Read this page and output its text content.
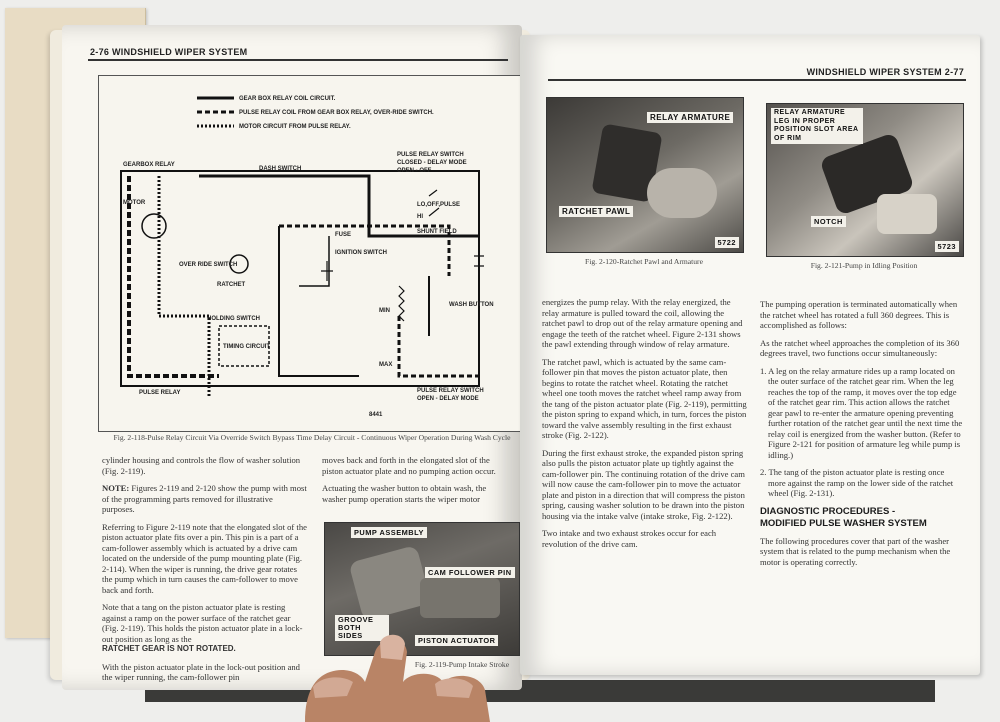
2-76 WINDSHIELD WIPER SYSTEM
GEAR BOX RELAY COIL CIRCUIT.
PULSE RELAY COIL FROM GEAR BOX RELAY, OVER-RIDE SWITCH.
MOTOR CIRCUIT FROM PULSE RELAY.
DASH SWITCH
PULSE RELAY SWITCH
CLOSED - DELAY MODE
OPEN - OFF
LO,OFF,PULSE
HI
SHUNT FIELD
FUSE
IGNITION SWITCH
WASH BUTTON
GEARBOX RELAY
MOTOR
OVER RIDE SWITCH
RATCHET
HOLDING SWITCH
TIMING CIRCUIT
PULSE RELAY
MIN
MAX
PULSE RELAY SWITCH
OPEN - DELAY MODE
8441
Fig. 2-118-Pulse Relay Circuit Via Override Switch Bypass Time Delay Circuit - Continuous Wiper Operation During Wash Cycle

cylinder housing and controls the flow of washer solution (Fig. 2-119).

NOTE: Figures 2-119 and 2-120 show the pump with most of the programming parts removed for illustrative purposes.

Referring to Figure 2-119 note that the elongated slot of the piston actuator plate fits over a pin. This pin is a part of a cam-follower assembly which is actuated by a drive cam located on the underside of the pump mounting plate (Fig. 2-114). When the wiper is running, the drive gear rotates the pump which in turn causes the cam-follower to move back and forth.

Note that a tang on the piston actuator plate is resting against a ramp on the power surface of the ratchet gear (Fig. 2-119). This holds the piston actuator plate in a lock-out position as long as the

RATCHET GEAR IS NOT ROTATED.

With the piston actuator plate in the lock-out position and the wiper running, the cam-follower pin

moves back and forth in the elongated slot of the piston actuator plate and no pumping action occur.

Actuating the washer button to obtain wash, the washer pump operation starts the wiper motor

PUMP ASSEMBLY
CAM FOLLOWER PIN
GROOVE BOTH SIDES
PISTON ACTUATOR
Fig. 2-119-Pump Intake Stroke
WINDSHIELD WIPER SYSTEM 2-77
RELAY ARMATURE
RATCHET PAWL
5722
Fig. 2-120-Ratchet Pawl and Armature
RELAY ARMATURE LEG IN PROPER POSITION SLOT AREA OF RIM
NOTCH
5723
Fig. 2-121-Pump in Idling Position

energizes the pump relay. With the relay energized, the relay armature is pulled toward the coil, allowing the ratchet pawl to drop out of the relay armature opening and engage the teeth of the ratchet wheel. Figure 2-131 shows the pawl extending through window of relay armature.

The ratchet pawl, which is actuated by the same cam-follower pin that moves the piston actuator plate, then begins to rotate the ratchet wheel. Rotating the ratchet wheel one tooth moves the ratchet wheel ramp away from the tang of the piston actuator plate (Fig. 2-119), permitting the piston spring to expand which, in turn, forces the piston toward the valve assembly resulting in the first exhaust stroke (Fig. 2-122).

During the first exhaust stroke, the expanded piston spring also pulls the piston actuator plate up tightly against the cam-follower pin. The continuing rotation of the drive cam will now cause the cam-follower pin to move the actuator plate and piston in a direction that will compress the piston spring, causing washer solution to be drawn into the piston housing via the intake valve (intake stroke, Fig. 2-122).

Two intake and two exhaust strokes occur for each revolution of the drive cam.

The pumping operation is terminated automatically when the ratchet wheel has rotated a full 360 degrees. This is accomplished as follows:

As the ratchet wheel approaches the completion of its 360 degrees travel, two functions occur simultaneously:

1. A leg on the relay armature rides up a ramp located on the outer surface of the ratchet gear rim. When the leg reaches the top of the ramp, it moves over the top edge of the ratchet gear rim. This action allows the ratchet gear pawl to re-enter the armature opening preventing further rotation of the ratchet gear until the next time the relay coil is energized from the washer button. (Refer to Figure 2-121 for position of armature leg while pump is idling.)

2. The tang of the piston actuator plate is resting once more against the ramp on the lower side of the ratchet wheel (Fig. 2-131).

DIAGNOSTIC PROCEDURES -
MODIFIED PULSE WASHER SYSTEM

The following procedures cover that part of the washer system that is related to the pump mechanism when the motor is operating correctly.
